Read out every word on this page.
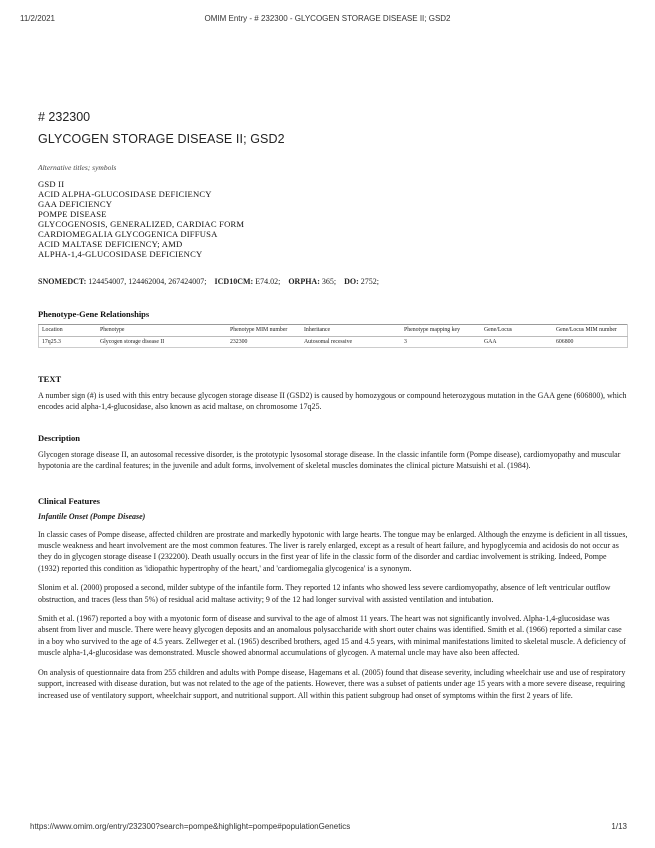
11/2/2021	OMIM Entry - # 232300 - GLYCOGEN STORAGE DISEASE II; GSD2
# 232300
GLYCOGEN STORAGE DISEASE II; GSD2
Alternative titles; symbols
GSD II
ACID ALPHA-GLUCOSIDASE DEFICIENCY
GAA DEFICIENCY
POMPE DISEASE
GLYCOGENOSIS, GENERALIZED, CARDIAC FORM
CARDIOMEGALIA GLYCOGENICA DIFFUSA
ACID MALTASE DEFICIENCY; AMD
ALPHA-1,4-GLUCOSIDASE DEFICIENCY
SNOMEDCT: 124454007, 124462004, 267424007; ICD10CM: E74.02; ORPHA: 365; DO: 2752;
Phenotype-Gene Relationships
Location	Phenotype	Phenotype MIM number	Inheritance	Phenotype mapping key	Gene/Locus	Gene/Locus MIM number
17q25.3	Glycogen storage disease II	232300	Autosomal recessive	3	GAA	606800
TEXT

A number sign (#) is used with this entry because glycogen storage disease II (GSD2) is caused by homozygous or compound heterozygous mutation in the GAA gene (606800), which encodes acid alpha-1,4-glucosidase, also known as acid maltase, on chromosome 17q25.

Description

Glycogen storage disease II, an autosomal recessive disorder, is the prototypic lysosomal storage disease. In the classic infantile form (Pompe disease), cardiomyopathy and muscular hypotonia are the cardinal features; in the juvenile and adult forms, involvement of skeletal muscles dominates the clinical picture Matsuishi et al. (1984).

Clinical Features
Infantile Onset (Pompe Disease)

In classic cases of Pompe disease, affected children are prostrate and markedly hypotonic with large hearts. The tongue may be enlarged. Although the enzyme is deficient in all tissues, muscle weakness and heart involvement are the most common features. The liver is rarely enlarged, except as a result of heart failure, and hypoglycemia and acidosis do not occur as they do in glycogen storage disease I (232200). Death usually occurs in the first year of life in the classic form of the disorder and cardiac involvement is striking. Indeed, Pompe (1932) reported this condition as 'idiopathic hypertrophy of the heart,' and 'cardiomegalia glycogenica' is a synonym.

Slonim et al. (2000) proposed a second, milder subtype of the infantile form. They reported 12 infants who showed less severe cardiomyopathy, absence of left ventricular outflow obstruction, and traces (less than 5%) of residual acid maltase activity; 9 of the 12 had longer survival with assisted ventilation and intubation.

Smith et al. (1967) reported a boy with a myotonic form of disease and survival to the age of almost 11 years. The heart was not significantly involved. Alpha-1,4-glucosidase was absent from liver and muscle. There were heavy glycogen deposits and an anomalous polysaccharide with short outer chains was identified. Smith et al. (1966) reported a similar case in a boy who survived to the age of 4.5 years. Zellweger et al. (1965) described brothers, aged 15 and 4.5 years, with minimal manifestations limited to skeletal muscle. A deficiency of muscle alpha-1,4-glucosidase was demonstrated. Muscle showed abnormal accumulations of glycogen. A maternal uncle may have also been affected.

On analysis of questionnaire data from 255 children and adults with Pompe disease, Hagemans et al. (2005) found that disease severity, including wheelchair use and use of respiratory support, increased with disease duration, but was not related to the age of the patients. However, there was a subset of patients under age 15 years with a more severe disease, requiring increased use of ventilatory support, wheelchair support, and nutritional support. All within this patient subgroup had onset of symptoms within the first 2 years of life.

https://www.omim.org/entry/232300?search=pompe&highlight=pompe#populationGenetics	1/13
